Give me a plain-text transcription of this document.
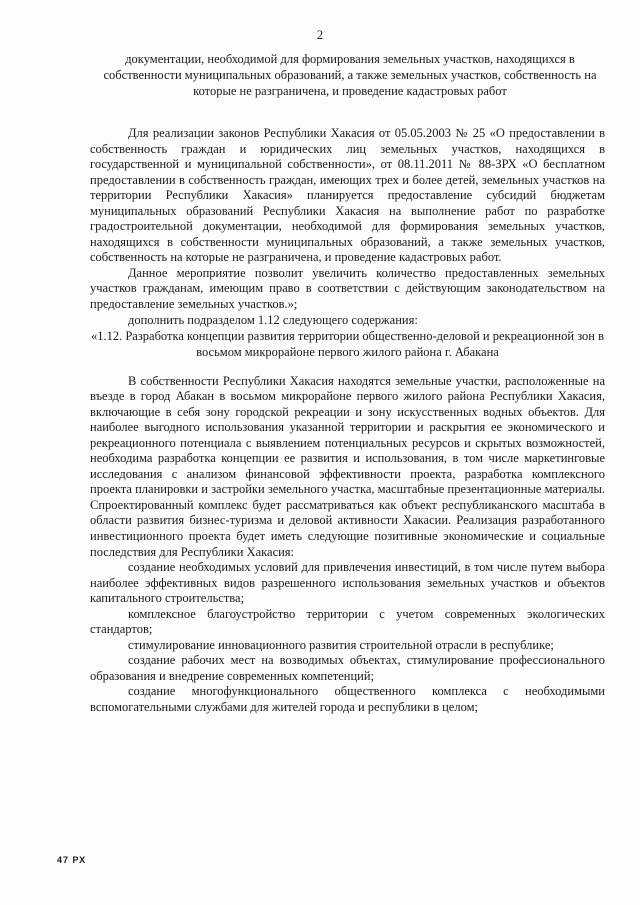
2
документации, необходимой для формирования земельных участков, находящихся в собственности муниципальных образований, а также земельных участков, собственность на которые не разграничена, и проведение кадастровых работ

Для реализации законов Республики Хакасия от 05.05.2003 № 25 «О предоставлении в собственность граждан и юридических лиц земельных участков, находящихся в государственной и муниципальной собственности», от 08.11.2011 № 88-ЗРХ «О бесплатном предоставлении в собственность граждан, имеющих трех и более детей, земельных участков на территории Республики Хакасия» планируется предоставление субсидий бюджетам муниципальных образований Республики Хакасия на выполнение работ по разработке градостроительной документации, необходимой для формирования земельных участков, находящихся в собственности муниципальных образований, а также земельных участков, собственность на которые не разграничена, и проведение кадастровых работ.

Данное мероприятие позволит увеличить количество предоставленных земельных участков гражданам, имеющим право в соответствии с действующим законодательством на предоставление земельных участков.»;

дополнить подразделом 1.12 следующего содержания:

«1.12. Разработка концепции развития территории общественно-деловой и рекреационной зон в восьмом микрорайоне первого жилого района г. Абакана

В собственности Республики Хакасия находятся земельные участки, расположенные на въезде в город Абакан в восьмом микрорайоне первого жилого района Республики Хакасия, включающие в себя зону городской рекреации и зону искусственных водных объектов. Для наиболее выгодного использования указанной территории и раскрытия ее экономического и рекреационного потенциала с выявлением потенциальных ресурсов и скрытых возможностей, необходима разработка концепции ее развития и использования, в том числе маркетинговые исследования с анализом финансовой эффективности проекта, разработка комплексного проекта планировки и застройки земельного участка, масштабные презентационные материалы. Спроектированный комплекс будет рассматриваться как объект республиканского масштаба в области развития бизнес-туризма и деловой активности Хакасии. Реализация разработанного инвестиционного проекта будет иметь следующие позитивные экономические и социальные последствия для Республики Хакасия:

создание необходимых условий для привлечения инвестиций, в том числе путем выбора наиболее эффективных видов разрешенного использования земельных участков и объектов капитального строительства;

комплексное благоустройство территории с учетом современных экологических стандартов;

стимулирование инновационного развития строительной отрасли в республике;

создание рабочих мест на возводимых объектах, стимулирование профессионального образования и внедрение современных компетенций;

создание многофункционального общественного комплекса с необходимыми вспомогательными службами для жителей города и республики в целом;

47 РХ
